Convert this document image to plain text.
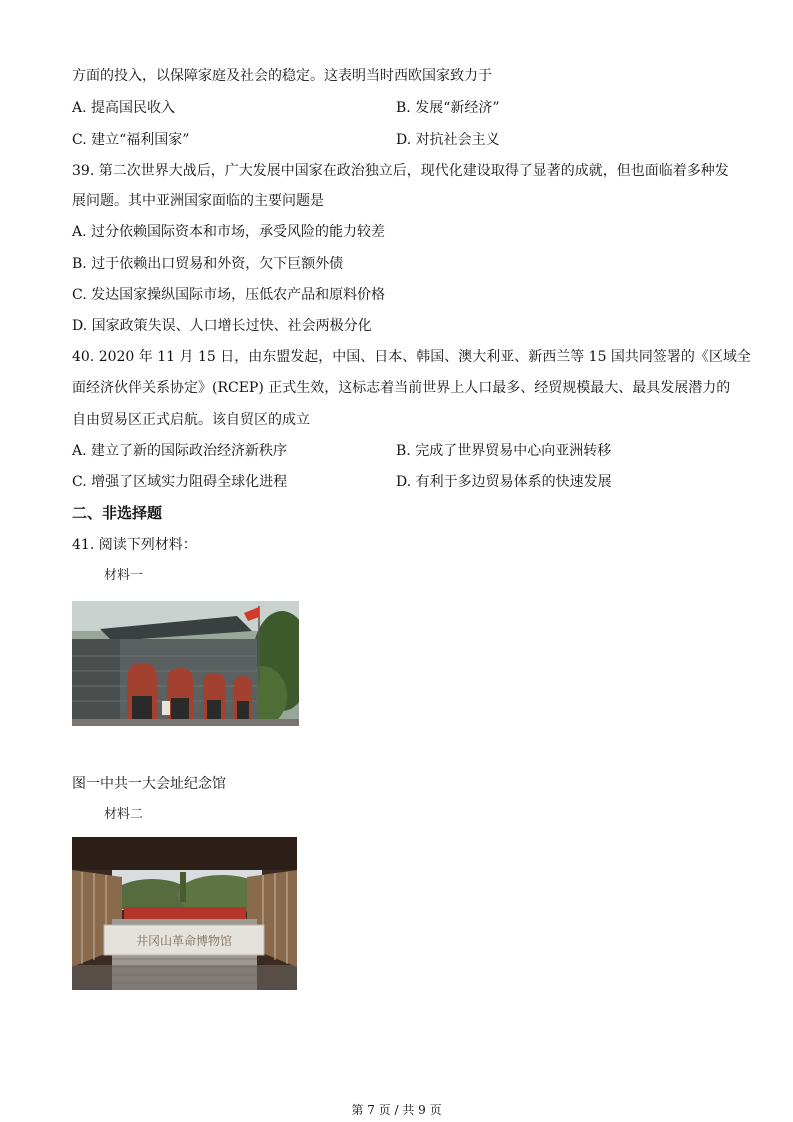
方面的投入，以保障家庭及社会的稳定。这表明当时西欧国家致力于
A. 提高国民收入	B. 发展“新经济”
C. 建立“福利国家”	D. 对抗社会主义
39. 第二次世界大战后，广大发展中国家在政治独立后，现代化建设取得了显著的成就，但也面临着多种发
展问题。其中亚洲国家面临的主要问题是
A. 过分依赖国际资本和市场，承受风险的能力较差
B. 过于依赖出口贸易和外资，欠下巨额外债
C. 发达国家操纵国际市场，压低农产品和原料价格
D. 国家政策失误、人口增长过快、社会两极分化
40. 2020 年 11 月 15 日，由东盟发起，中国、日本、韩国、澳大利亚、新西兰等 15 国共同签署的《区域全
面经济伙伴关系协定》(RCEP) 正式生效，这标志着当前世界上人口最多、经贸规模最大、最具发展潜力的
自由贸易区正式启航。该自贸区的成立
A. 建立了新的国际政治经济新秩序	B. 完成了世界贸易中心向亚洲转移
C. 增强了区域实力阻碍全球化进程	D. 有利于多边贸易体系的快速发展
二、非选择题
41. 阅读下列材料：
材料一
图一中共一大会址纪念馆
材料二
井冈山革命博物馆
第 7 页 / 共 9 页
